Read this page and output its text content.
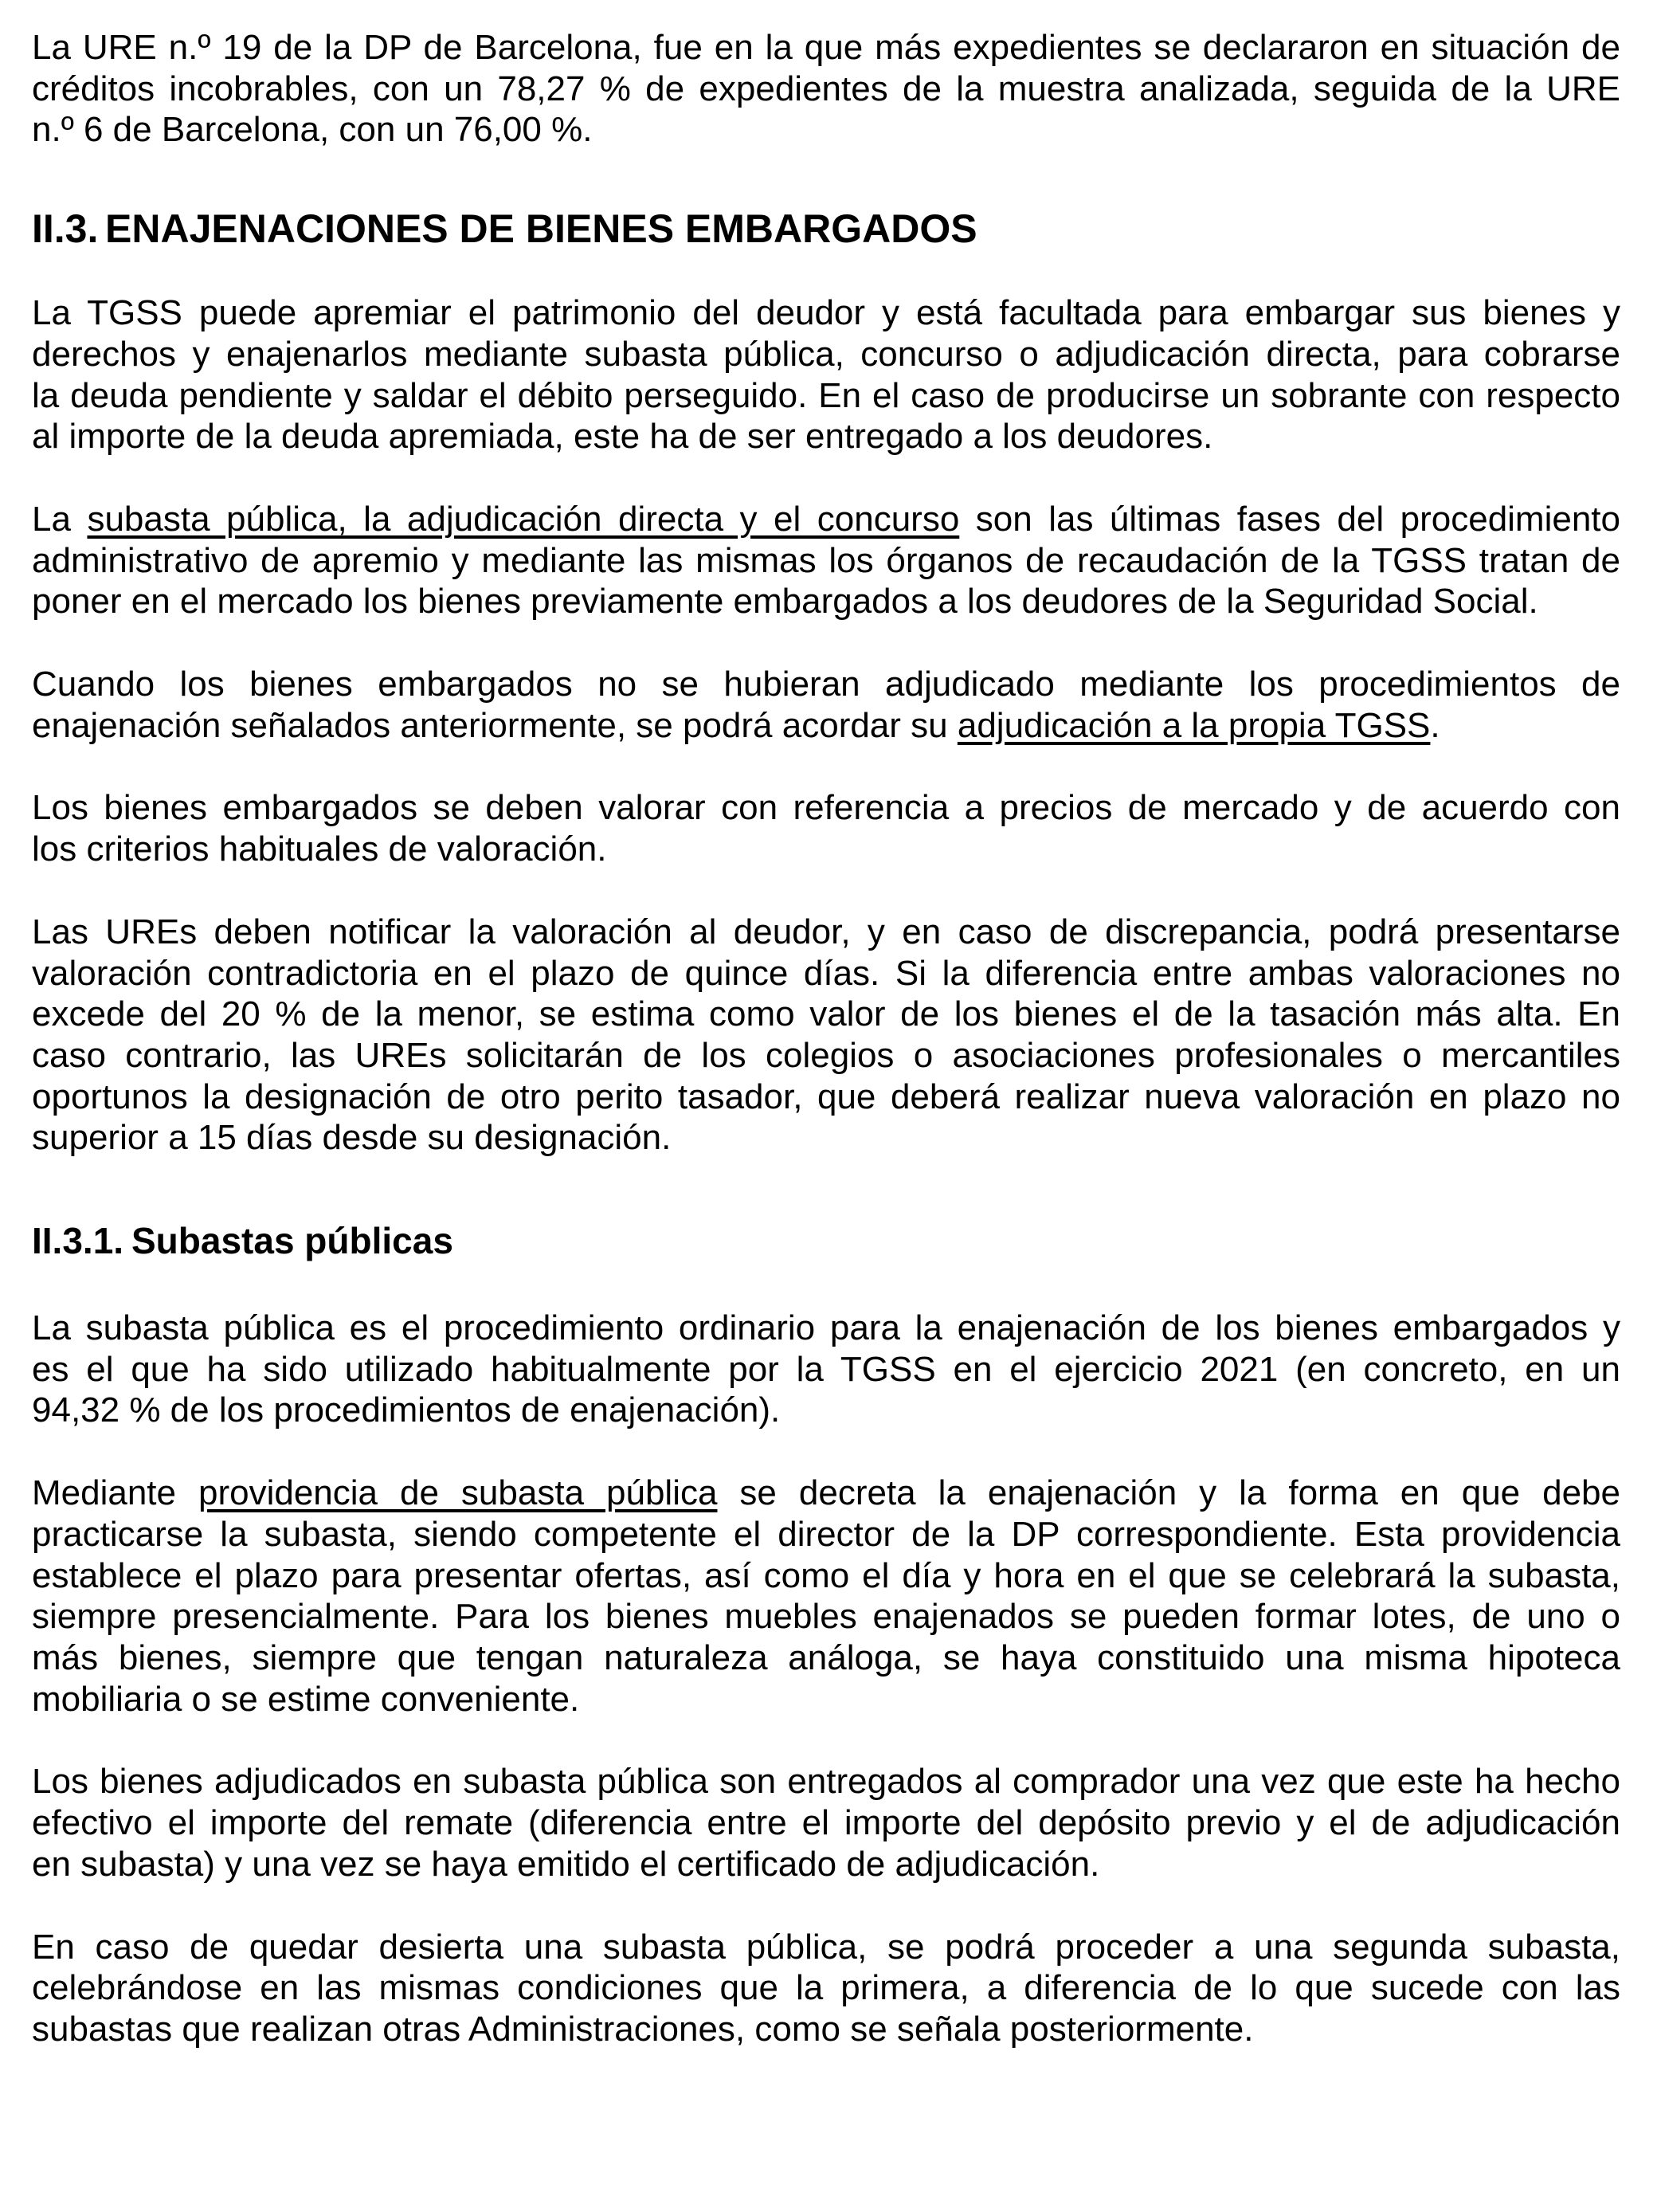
La URE n.º 19 de la DP de Barcelona, fue en la que más expedientes se declararon en situación de
créditos incobrables, con un 78,27 % de expedientes de la muestra analizada, seguida de la URE
n.º 6 de Barcelona, con un 76,00 %.
II.3. ENAJENACIONES DE BIENES EMBARGADOS
La TGSS puede apremiar el patrimonio del deudor y está facultada para embargar sus bienes y
derechos y enajenarlos mediante subasta pública, concurso o adjudicación directa, para cobrarse
la deuda pendiente y saldar el débito perseguido. En el caso de producirse un sobrante con respecto
al importe de la deuda apremiada, este ha de ser entregado a los deudores.
La subasta pública, la adjudicación directa y el concurso son las últimas fases del procedimiento
administrativo de apremio y mediante las mismas los órganos de recaudación de la TGSS tratan de
poner en el mercado los bienes previamente embargados a los deudores de la Seguridad Social.
Cuando los bienes embargados no se hubieran adjudicado mediante los procedimientos de
enajenación señalados anteriormente, se podrá acordar su adjudicación a la propia TGSS.
Los bienes embargados se deben valorar con referencia a precios de mercado y de acuerdo con
los criterios habituales de valoración.
Las UREs deben notificar la valoración al deudor, y en caso de discrepancia, podrá presentarse
valoración contradictoria en el plazo de quince días. Si la diferencia entre ambas valoraciones no
excede del 20 % de la menor, se estima como valor de los bienes el de la tasación más alta. En
caso contrario, las UREs solicitarán de los colegios o asociaciones profesionales o mercantiles
oportunos la designación de otro perito tasador, que deberá realizar nueva valoración en plazo no
superior a 15 días desde su designación.
II.3.1. Subastas públicas
La subasta pública es el procedimiento ordinario para la enajenación de los bienes embargados y
es el que ha sido utilizado habitualmente por la TGSS en el ejercicio 2021 (en concreto, en un
94,32 % de los procedimientos de enajenación).
Mediante providencia de subasta pública se decreta la enajenación y la forma en que debe
practicarse la subasta, siendo competente el director de la DP correspondiente. Esta providencia
establece el plazo para presentar ofertas, así como el día y hora en el que se celebrará la subasta,
siempre presencialmente. Para los bienes muebles enajenados se pueden formar lotes, de uno o
más bienes, siempre que tengan naturaleza análoga, se haya constituido una misma hipoteca
mobiliaria o se estime conveniente.
Los bienes adjudicados en subasta pública son entregados al comprador una vez que este ha hecho
efectivo el importe del remate (diferencia entre el importe del depósito previo y el de adjudicación
en subasta) y una vez se haya emitido el certificado de adjudicación.
En caso de quedar desierta una subasta pública, se podrá proceder a una segunda subasta,
celebrándose en las mismas condiciones que la primera, a diferencia de lo que sucede con las
subastas que realizan otras Administraciones, como se señala posteriormente.
